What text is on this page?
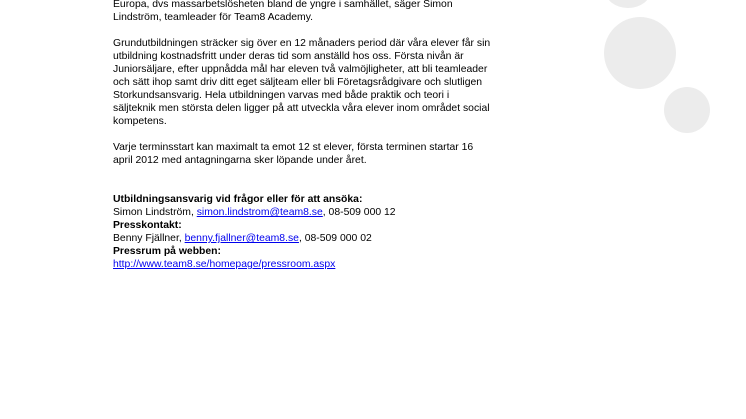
Europa, dvs massarbetslösheten bland de yngre i samhället, säger Simon

Lindström, teamleader för Team8 Academy.

Grundutbildningen sträcker sig över en 12 månaders period där våra elever får sin

utbildning kostnadsfritt under deras tid som anställd hos oss. Första nivån är

Juniorsäljare, efter uppnådda mål har eleven två valmöjligheter, att bli teamleader

och sätt ihop samt driv ditt eget säljteam eller bli Företagsrådgivare och slutligen

Storkundsansvarig. Hela utbildningen varvas med både praktik och teori i

säljteknik men största delen ligger på att utveckla våra elever inom området social

kompetens.

Varje terminsstart kan maximalt ta emot 12 st elever, första terminen startar 16

april 2012 med antagningarna sker löpande under året.

Utbildningsansvarig vid frågor eller för att ansöka:

Simon Lindström, simon.lindstrom@team8.se, 08-509 000 12

Presskontakt:

Benny Fjällner, benny.fjallner@team8.se, 08-509 000 02

Pressrum på webben:

http://www.team8.se/homepage/pressroom.aspx
